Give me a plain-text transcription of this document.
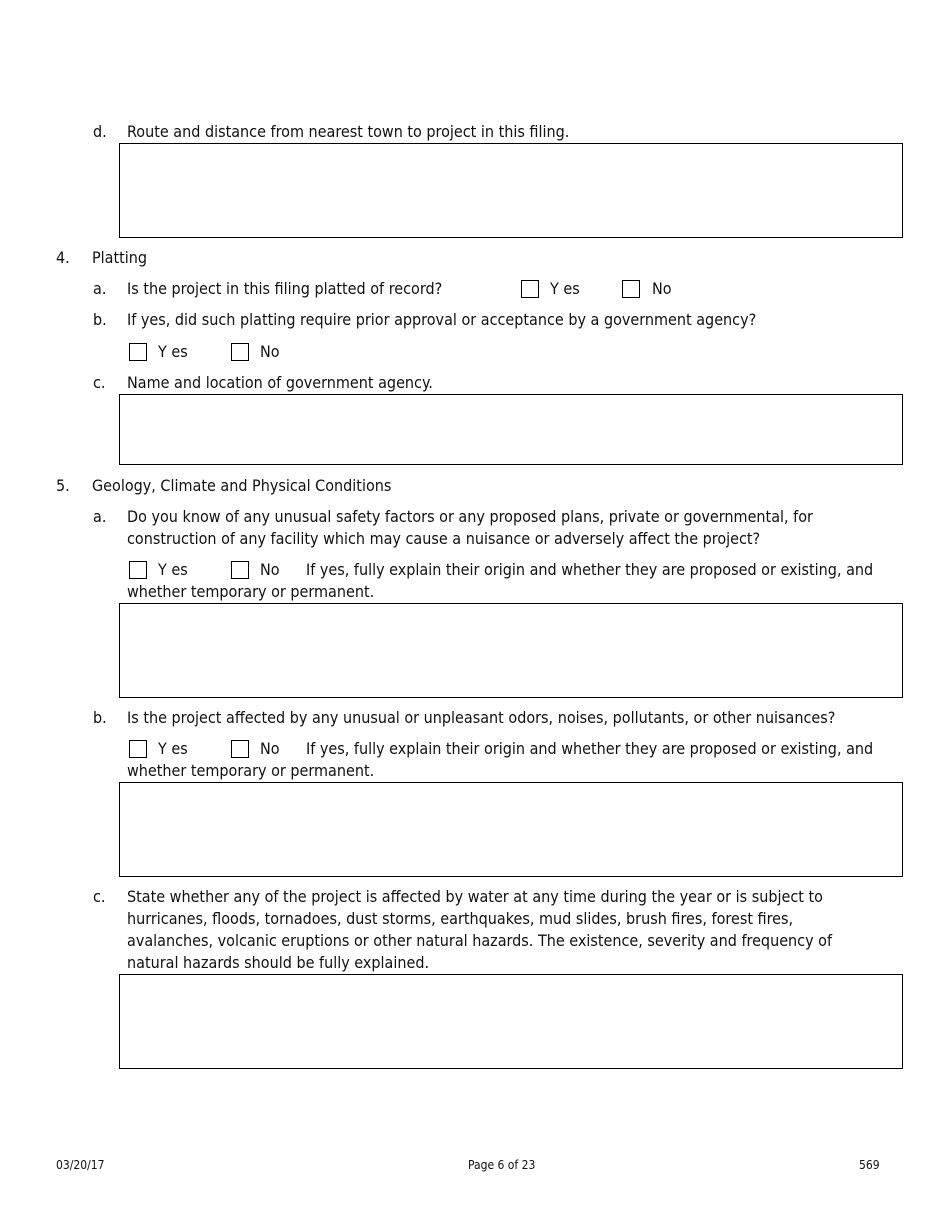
d. Route and distance from nearest town to project in this filing.
4. Platting
a. Is the project in this filing platted of record?	Y es	No
b. If yes, did such platting require prior approval or acceptance by a government agency?
Y es	No
c. Name and location of government agency.
5. Geology, Climate and Physical Conditions
a. Do you know of any unusual safety factors or any proposed plans, private or governmental, for
construction of any facility which may cause a nuisance or adversely affect the project?
Y es	No If yes, fully explain their origin and whether they are proposed or existing, and
whether temporary or permanent.
b. Is the project affected by any unusual or unpleasant odors, noises, pollutants, or other nuisances?
Y es	No If yes, fully explain their origin and whether they are proposed or existing, and
whether temporary or permanent.
c. State whether any of the project is affected by water at any time during the year or is subject to
hurricanes, floods, tornadoes, dust storms, earthquakes, mud slides, brush fires, forest fires,
avalanches, volcanic eruptions or other natural hazards. The existence, severity and frequency of
natural hazards should be fully explained.
03/20/17	Page 6 of 23	569
